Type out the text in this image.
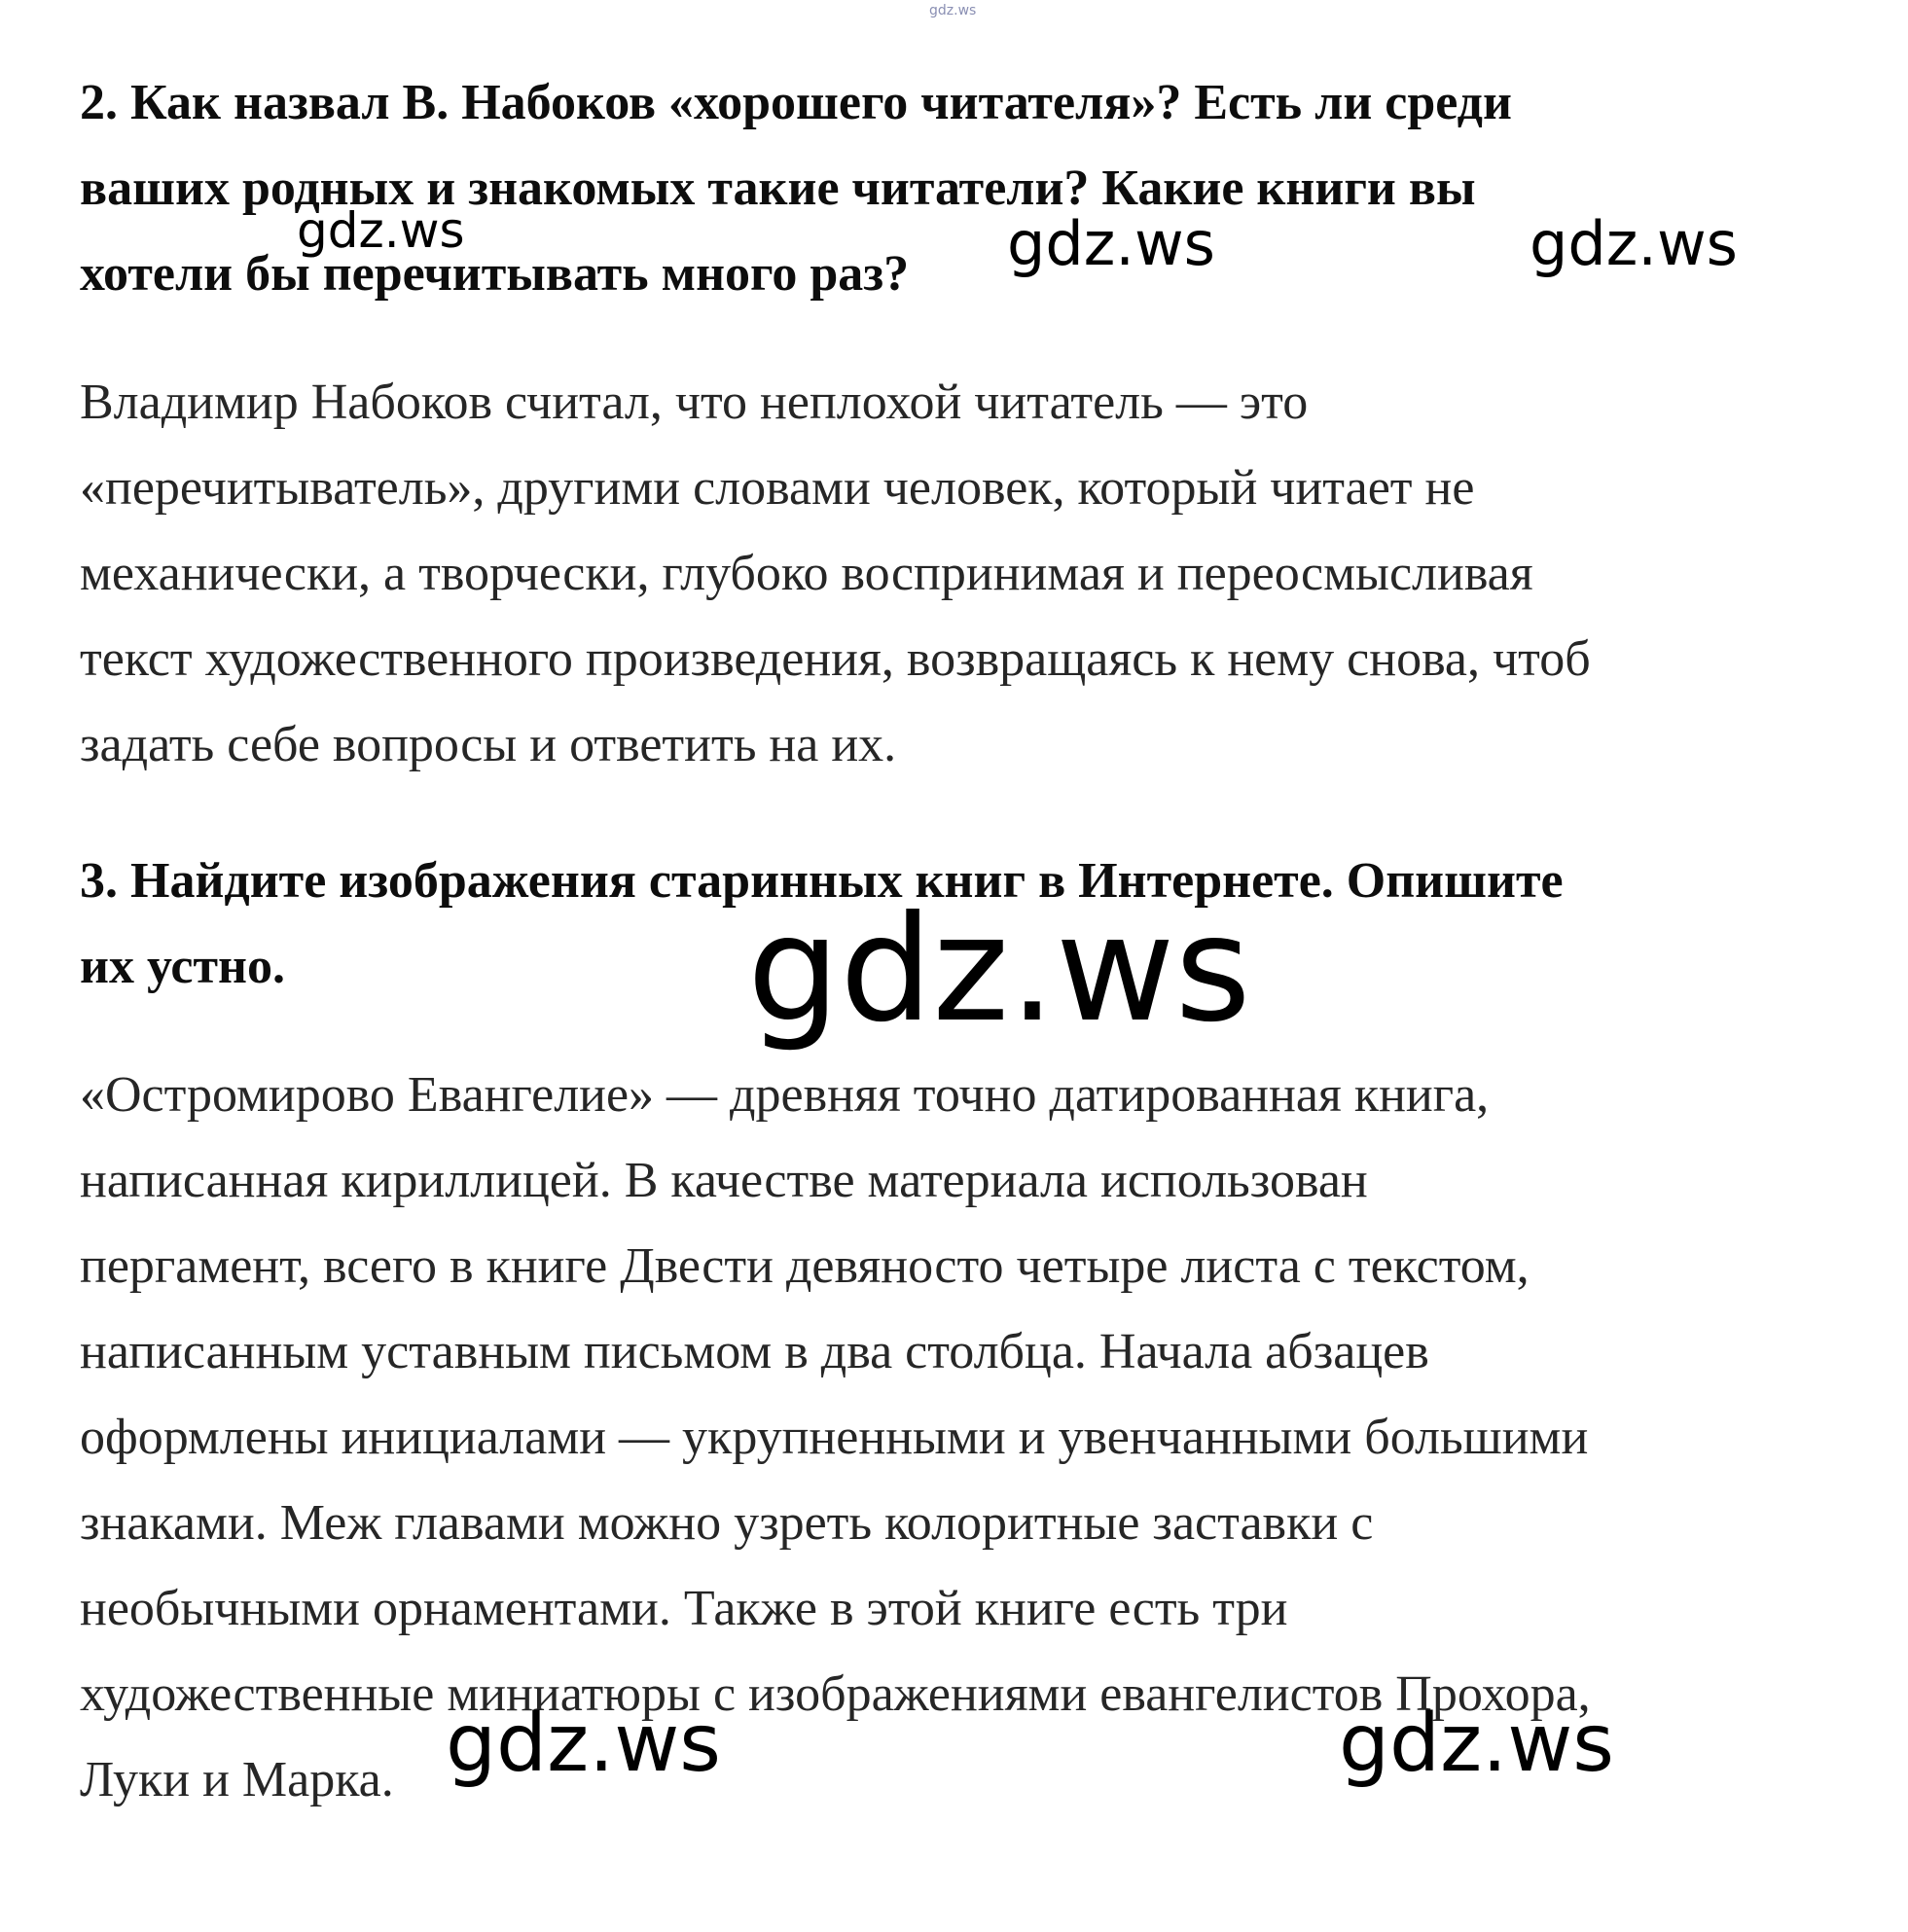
2. Как назвал В. Набоков «хорошего читателя»? Есть ли среди
ваших родных и знакомых такие читатели? Какие книги вы
хотели бы перечитывать много раз?
Владимир Набоков считал, что неплохой читатель — это
«перечитыватель», другими словами человек, который читает не
механически, а творчески, глубоко воспринимая и переосмысливая
текст художественного произведения, возвращаясь к нему снова, чтоб
задать себе вопросы и ответить на их.
3. Найдите изображения старинных книг в Интернете. Опишите
их устно.
«Остромирово Евангелие» — древняя точно датированная книга,
написанная кириллицей. В качестве материала использован
пергамент, всего в книге Двести девяносто четыре листа с текстом,
написанным уставным письмом в два столбца. Начала абзацев
оформлены инициалами — укрупненными и увенчанными большими
знаками. Меж главами можно узреть колоритные заставки с
необычными орнаментами. Также в этой книге есть три
художественные миниатюры с изображениями евангелистов Прохора,
Луки и Марка.
gdz.ws
gdz.ws	gdz.ws	gdz.ws
gdz.ws
gdz.ws	gdz.ws
